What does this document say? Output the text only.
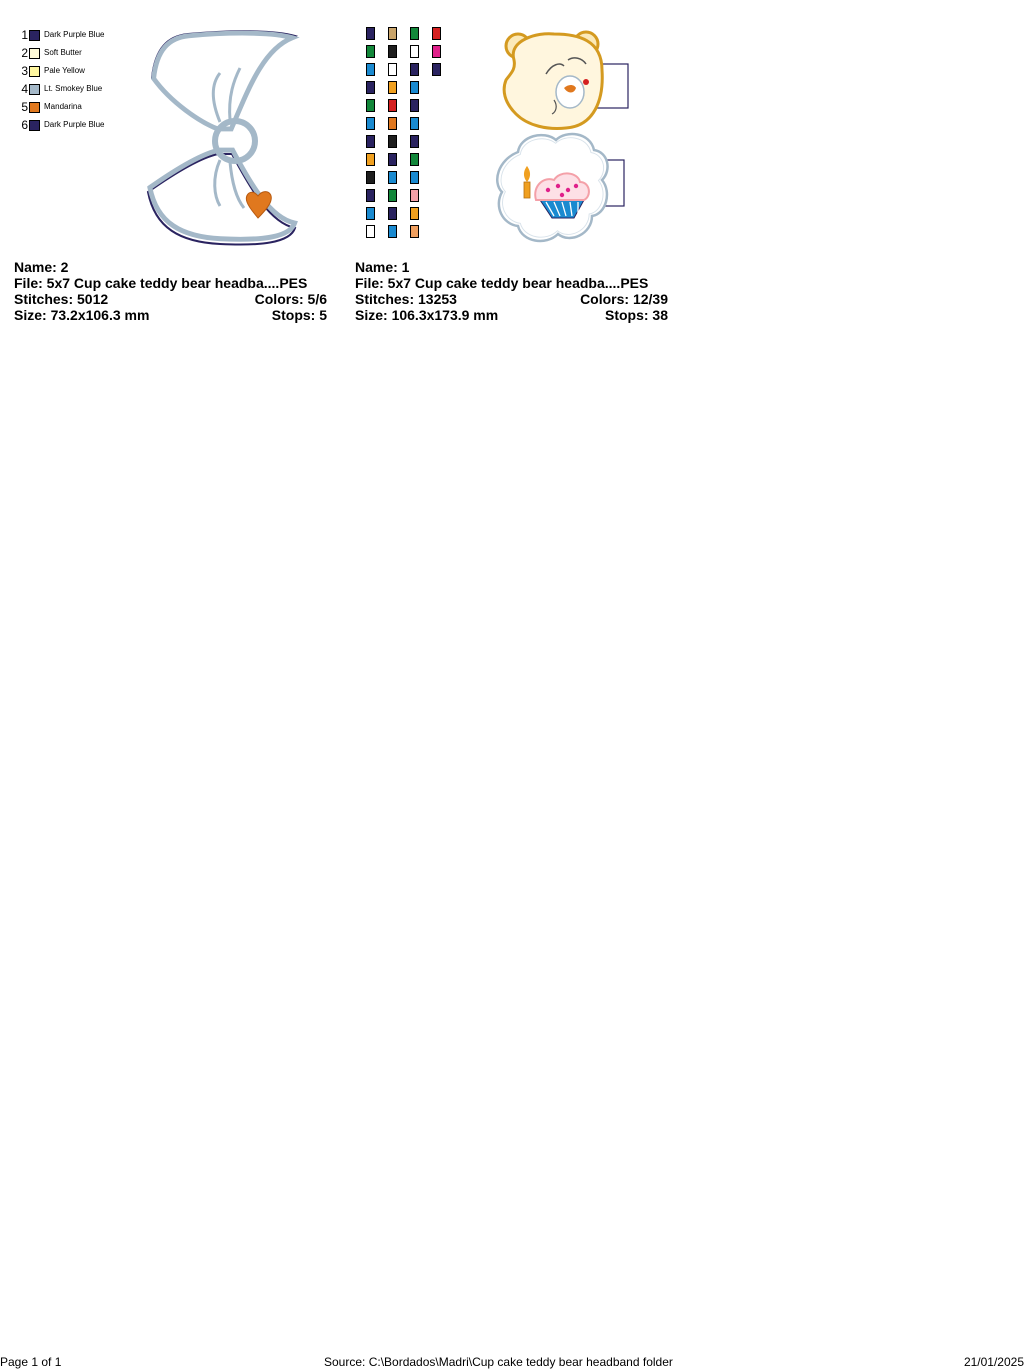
1 Dark Purple Blue
2 Soft Butter
3 Pale Yellow
4 Lt. Smokey Blue
5 Mandarina
6 Dark Purple Blue
Name: 2
File: 5x7 Cup cake teddy bear headba....PES
Stitches: 5012	Colors: 5/6
Size: 73.2x106.3 mm	Stops: 5
Name: 1
File: 5x7 Cup cake teddy bear headba....PES
Stitches: 13253	Colors: 12/39
Size: 106.3x173.9 mm	Stops: 38
Page 1 of 1	Source: C:\Bordados\Madri\Cup cake teddy bear headband folder	21/01/2025
